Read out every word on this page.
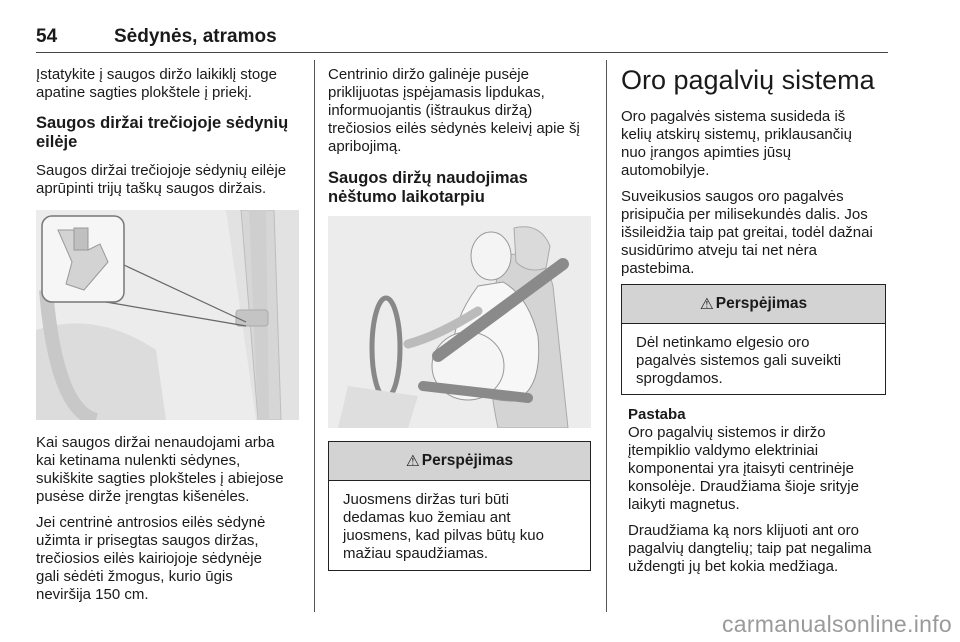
54	Sėdynės, atramos

Įstatykite į saugos diržo laikiklį stoge
apatine sagties plokštele į priekį.

Saugos diržai trečiojoje sėdynių
eilėje

Saugos diržai trečiojoje sėdynių eilėje
aprūpinti trijų taškų saugos diržais.

Kai saugos diržai nenaudojami arba
kai ketinama nulenkti sėdynes,
sukiškite sagties plokšteles į abiejose
pusėse dirže įrengtas kišenėles.

Jei centrinė antrosios eilės sėdynė
užimta ir prisegtas saugos diržas,
trečiosios eilės kairiojoje sėdynėje
gali sėdėti žmogus, kurio ūgis
neviršija 150 cm.

Centrinio diržo galinėje pusėje
priklijuotas įspėjamasis lipdukas,
informuojantis (ištraukus diržą)
trečiosios eilės sėdynės keleivį apie šį
apribojimą.

Saugos diržų naudojimas
nėštumo laikotarpiu
⚠ Perspėjimas

Juosmens diržas turi būti
dedamas kuo žemiau ant
juosmens, kad pilvas būtų kuo
mažiau spaudžiamas.

Oro pagalvių sistema

Oro pagalvės sistema susideda iš
kelių atskirų sistemų, priklausančių
nuo įrangos apimties jūsų
automobilyje.

Suveikusios saugos oro pagalvės
prisipučia per milisekundės dalis. Jos
išsileidžia taip pat greitai, todėl dažnai
susidūrimo atveju tai net nėra
pastebima.

⚠ Perspėjimas

Dėl netinkamo elgesio oro
pagalvės sistemos gali suveikti
sprogdamos.

Pastaba

Oro pagalvių sistemos ir diržo
įtempiklio valdymo elektriniai
komponentai yra įtaisyti centrinėje
konsolėje. Draudžiama šioje srityje
laikyti magnetus.

Draudžiama ką nors klijuoti ant oro
pagalvių dangtelių; taip pat negalima
uždengti jų bet kokia medžiaga.

carmanualsonline.info
